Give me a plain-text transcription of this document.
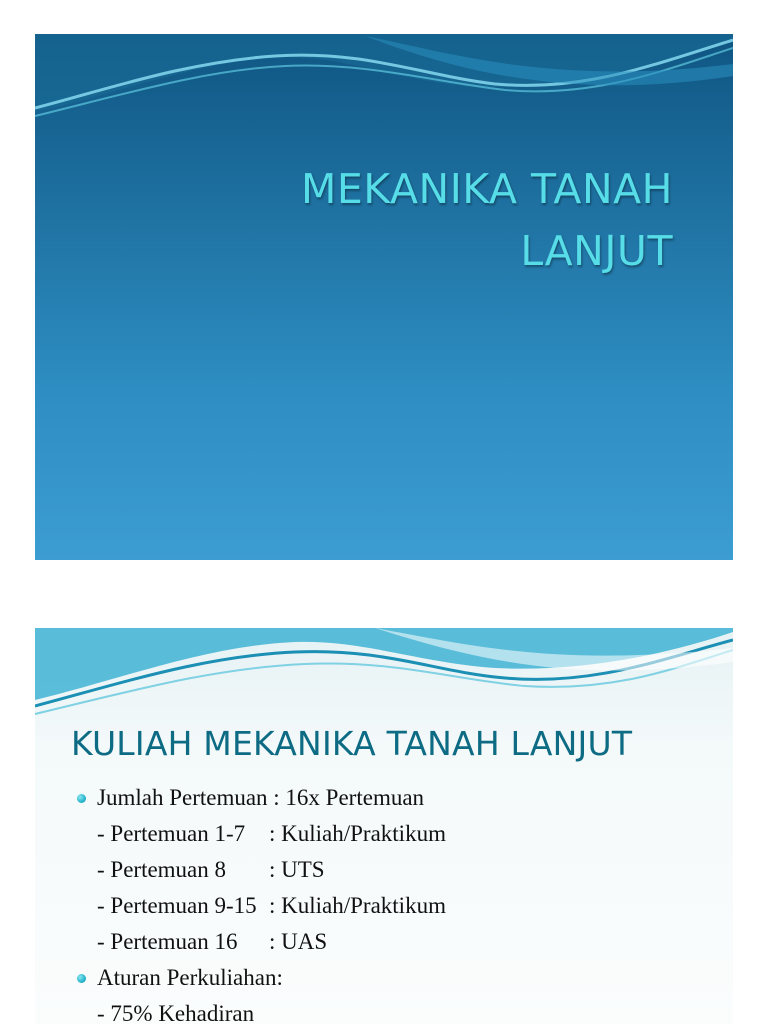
MEKANIKA TANAH
LANJUT
KULIAH MEKANIKA TANAH LANJUT
Jumlah Pertemuan : 16x Pertemuan
- Pertemuan 1-7 : Kuliah/Praktikum
- Pertemuan 8 : UTS
- Pertemuan 9-15 : Kuliah/Praktikum
- Pertemuan 16 : UAS
Aturan Perkuliahan:
- 75% Kehadiran
